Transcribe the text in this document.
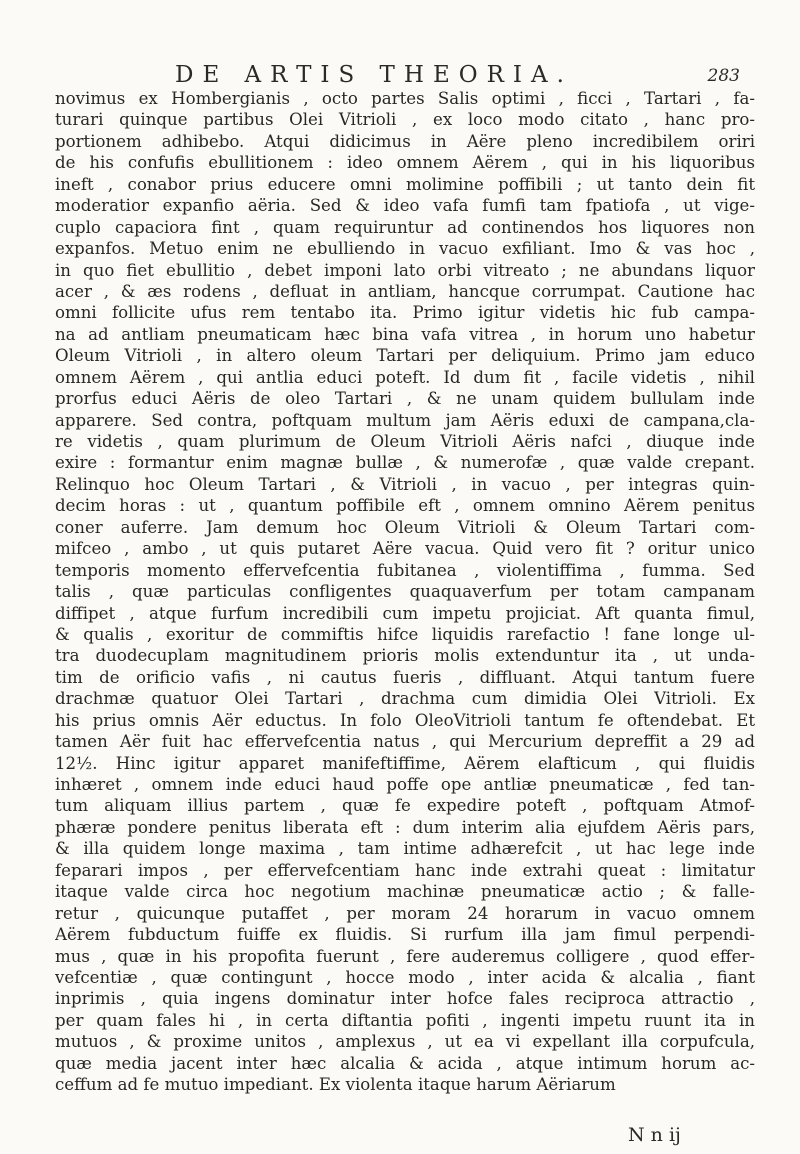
DE ARTIS THEORIA.	283
novimus ex Hombergianis , octo partes Salis optimi , ficci , Tartari , fa-
turari quinque partibus Olei Vitrioli , ex loco modo citato , hanc pro-
portionem adhibebo. Atqui didicimus in Aëre pleno incredibilem oriri
de his confufis ebullitionem : ideo omnem Aërem , qui in his liquoribus
ineft , conabor prius educere omni molimine poffibili ; ut tanto dein fit
moderatior expanfio aëria. Sed & ideo vafa fumfi tam fpatiofa , ut vige-
cuplo capaciora fint , quam requiruntur ad continendos hos liquores non
expanfos. Metuo enim ne ebulliendo in vacuo exfiliant. Imo & vas hoc ,
in quo fiet ebullitio , debet imponi lato orbi vitreato ; ne abundans liquor
acer , & æs rodens , defluat in antliam, hancque corrumpat. Cautione hac
omni follicite ufus rem tentabo ita. Primo igitur videtis hic fub campa-
na ad antliam pneumaticam hæc bina vafa vitrea , in horum uno habetur
Oleum Vitrioli , in altero oleum Tartari per deliquium. Primo jam educo
omnem Aërem , qui antlia educi poteft. Id dum fit , facile videtis , nihil
prorfus educi Aëris de oleo Tartari , & ne unam quidem bullulam inde
apparere. Sed contra, poftquam multum jam Aëris eduxi de campana,cla-
re videtis , quam plurimum de Oleum Vitrioli Aëris nafci , diuque inde
exire : formantur enim magnæ bullæ , & numerofæ , quæ valde crepant.
Relinquo hoc Oleum Tartari , & Vitrioli , in vacuo , per integras quin-
decim horas : ut , quantum poffibile eft , omnem omnino Aërem penitus
coner auferre. Jam demum hoc Oleum Vitrioli & Oleum Tartari com-
mifceo , ambo , ut quis putaret Aëre vacua. Quid vero fit ? oritur unico
temporis momento effervefcentia fubitanea , violentiffima , fumma. Sed
talis , quæ particulas confligentes quaquaverfum per totam campanam
diffipet , atque furfum incredibili cum impetu projiciat. Aft quanta fimul,
& qualis , exoritur de commiftis hifce liquidis rarefactio ! fane longe ul-
tra duodecuplam magnitudinem prioris molis extenduntur ita , ut unda-
tim de orificio vafis , ni cautus fueris , diffluant. Atqui tantum fuere
drachmæ quatuor Olei Tartari , drachma cum dimidia Olei Vitrioli. Ex
his prius omnis Aër eductus. In folo OleoVitrioli tantum fe oftendebat. Et
tamen Aër fuit hac effervefcentia natus , qui Mercurium depreffit a 29 ad
12½. Hinc igitur apparet manifeftiffime, Aërem elafticum , qui fluidis
inhæret , omnem inde educi haud poffe ope antliæ pneumaticæ , fed tan-
tum aliquam illius partem , quæ fe expedire poteft , poftquam Atmof-
phæræ pondere penitus liberata eft : dum interim alia ejufdem Aëris pars,
& illa quidem longe maxima , tam intime adhærefcit , ut hac lege inde
feparari impos , per effervefcentiam hanc inde extrahi queat : limitatur
itaque valde circa hoc negotium machinæ pneumaticæ actio ; & falle-
retur , quicunque putaffet , per moram 24 horarum in vacuo omnem
Aërem fubductum fuiffe ex fluidis. Si rurfum illa jam fimul perpendi-
mus , quæ in his propofita fuerunt , fere auderemus colligere , quod effer-
vefcentiæ , quæ contingunt , hocce modo , inter acida & alcalia , fiant
inprimis , quia ingens dominatur inter hofce fales reciproca attractio ,
per quam fales hi , in certa diftantia pofiti , ingenti impetu ruunt ita in
mutuos , & proxime unitos , amplexus , ut ea vi expellant illa corpufcula,
quæ media jacent inter hæc alcalia & acida , atque intimum horum ac-
ceffum ad fe mutuo impediant. Ex violenta itaque harum Aëriarum
N n ij
